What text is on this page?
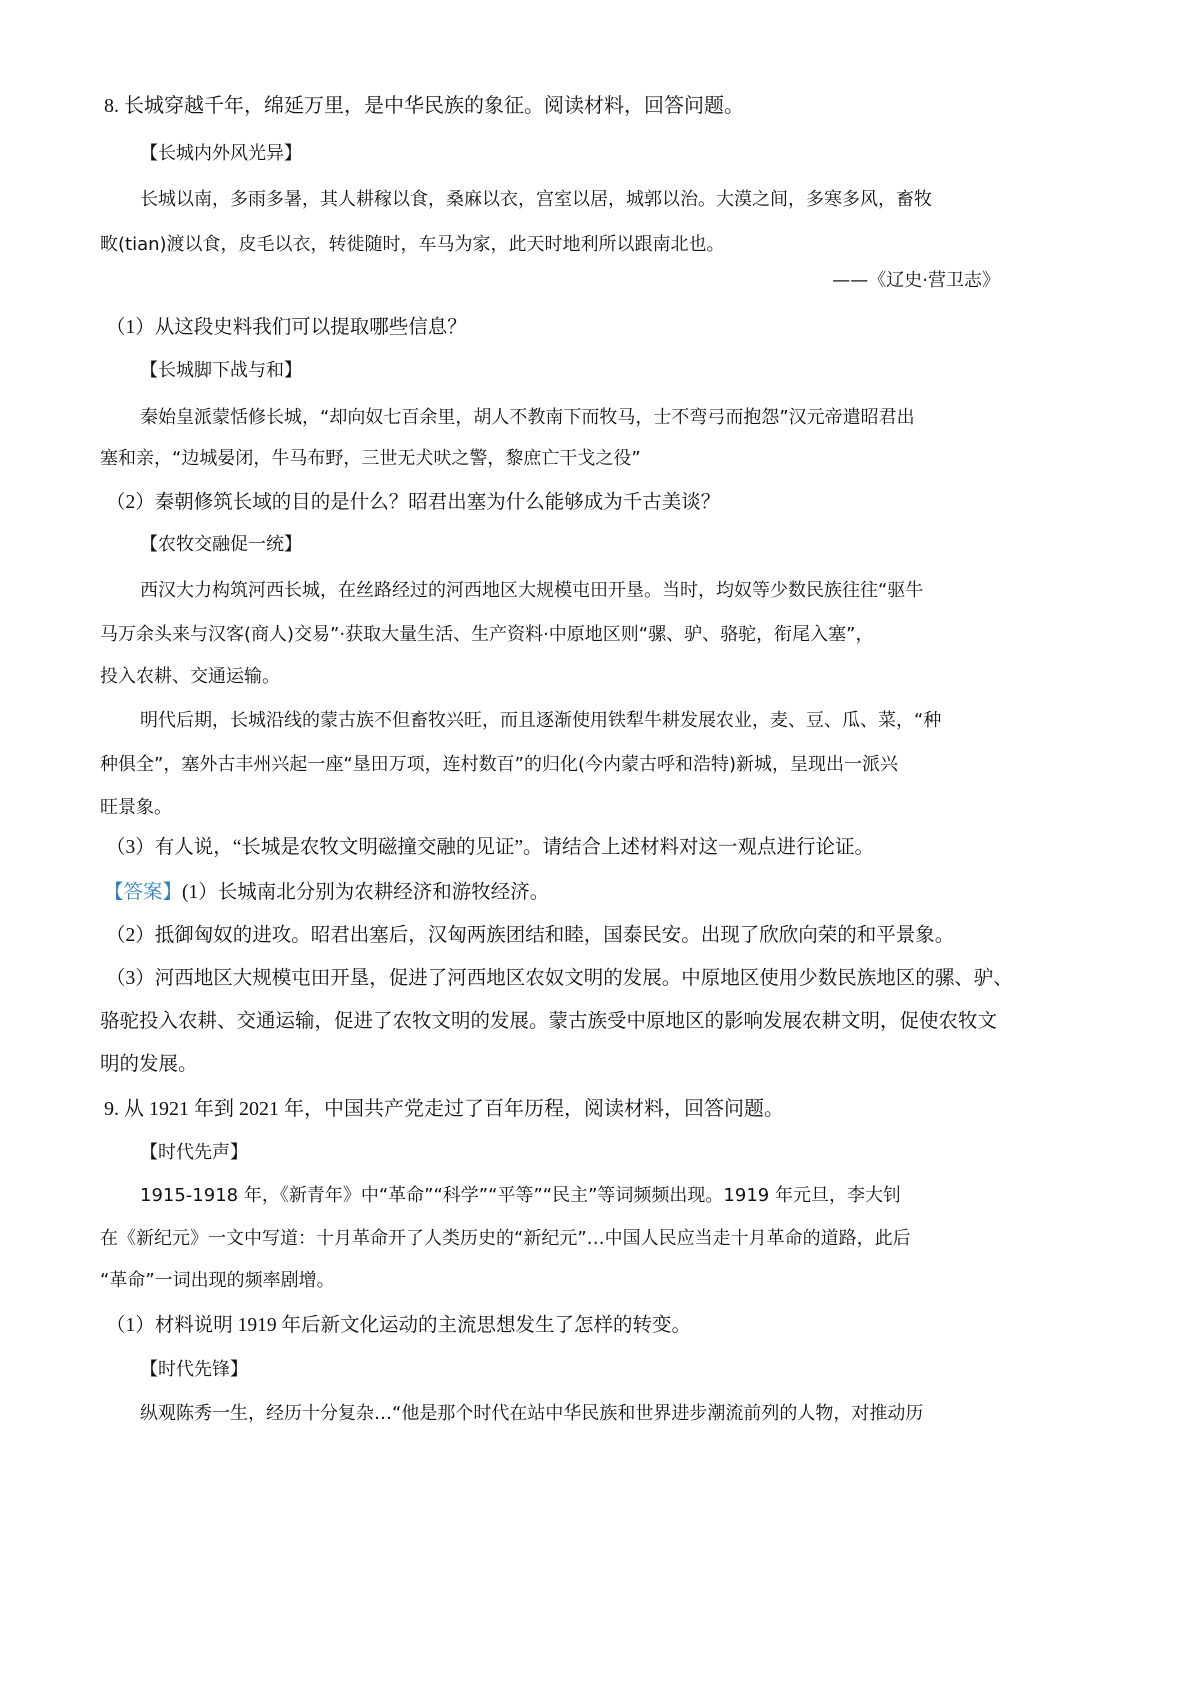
8. 长城穿越千年，绵延万里，是中华民族的象征。阅读材料，回答问题。
【长城内外风光异】
长城以南，多雨多暑，其人耕稼以食，桑麻以衣，宫室以居，城郭以治。大漠之间，多寒多风，畜牧
畋(tian)渡以食，皮毛以衣，转徙随时，车马为家，此天时地利所以跟南北也。
——《辽史·营卫志》
（1）从这段史料我们可以提取哪些信息？
【长城脚下战与和】
秦始皇派蒙恬修长城，“却向奴七百余里，胡人不教南下而牧马，士不弯弓而抱怨”汉元帝遣昭君出
塞和亲，“边城晏闭，牛马布野，三世无犬吠之警，黎庶亡干戈之役”
（2）秦朝修筑长域的目的是什么？昭君出塞为什么能够成为千古美谈？
【农牧交融促一统】
西汉大力构筑河西长城，在丝路经过的河西地区大规模屯田开垦。当时，均奴等少数民族往往“驱牛
马万余头来与汉客(商人)交易”·获取大量生活、生产资料·中原地区则“骡、驴、骆驼，衔尾入塞”，
投入农耕、交通运输。
明代后期，长城沿线的蒙古族不但畜牧兴旺，而且逐渐使用铁犁牛耕发展农业，麦、豆、瓜、菜，“种
种俱全”，塞外古丰州兴起一座“垦田万项，连村数百”的归化(今内蒙古呼和浩特)新城，呈现出一派兴
旺景象。
（3）有人说，“长城是农牧文明磁撞交融的见证”。请结合上述材料对这一观点进行论证。
【答案】(1）长城南北分别为农耕经济和游牧经济。
（2）抵御匈奴的进攻。昭君出塞后，汉匈两族团结和睦，国泰民安。出现了欣欣向荣的和平景象。
（3）河西地区大规模屯田开垦，促进了河西地区农奴文明的发展。中原地区使用少数民族地区的骡、驴、
骆驼投入农耕、交通运输，促进了农牧文明的发展。蒙古族受中原地区的影响发展农耕文明，促使农牧文
明的发展。
9. 从 1921 年到 2021 年，中国共产党走过了百年历程，阅读材料，回答问题。
【时代先声】
1915-1918 年，《新青年》中“革命”“科学”“平等”“民主”等词频频出现。1919 年元旦，李大钊
在《新纪元》一文中写道：十月革命开了人类历史的“新纪元”…中国人民应当走十月革命的道路，此后
“革命”一词出现的频率剧增。
（1）材料说明 1919 年后新文化运动的主流思想发生了怎样的转变。
【时代先锋】
纵观陈秀一生，经历十分复杂…“他是那个时代在站中华民族和世界进步潮流前列的人物，对推动历
